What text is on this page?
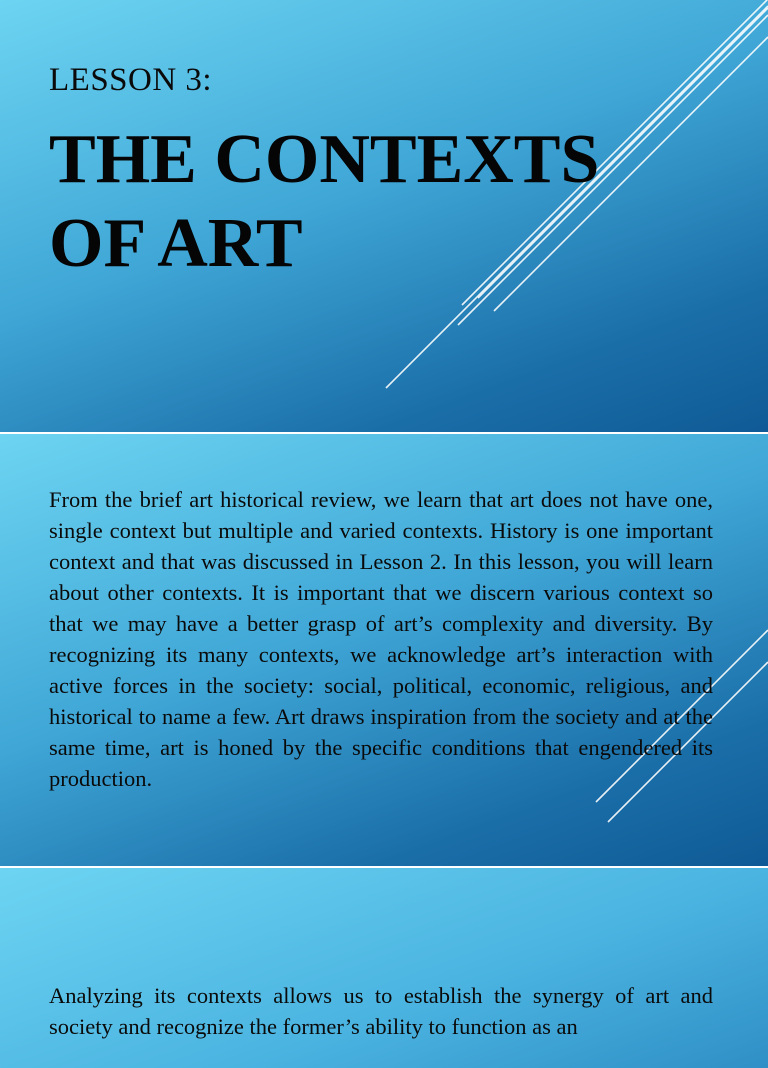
LESSON 3:
THE CONTEXTS OF ART

From the brief art historical review, we learn that art does not have one, single context but multiple and varied contexts. History is one important context and that was discussed in Lesson 2. In this lesson, you will learn about other contexts. It is important that we discern various context so that we may have a better grasp of art’s complexity and diversity. By recognizing its many contexts, we acknowledge art’s interaction with active forces in the society: social, political, economic, religious, and historical to name a few. Art draws inspiration from the society and at the same time, art is honed by the specific conditions that engendered its production.

Analyzing its contexts allows us to establish the synergy of art and society and recognize the former’s ability to function as an
